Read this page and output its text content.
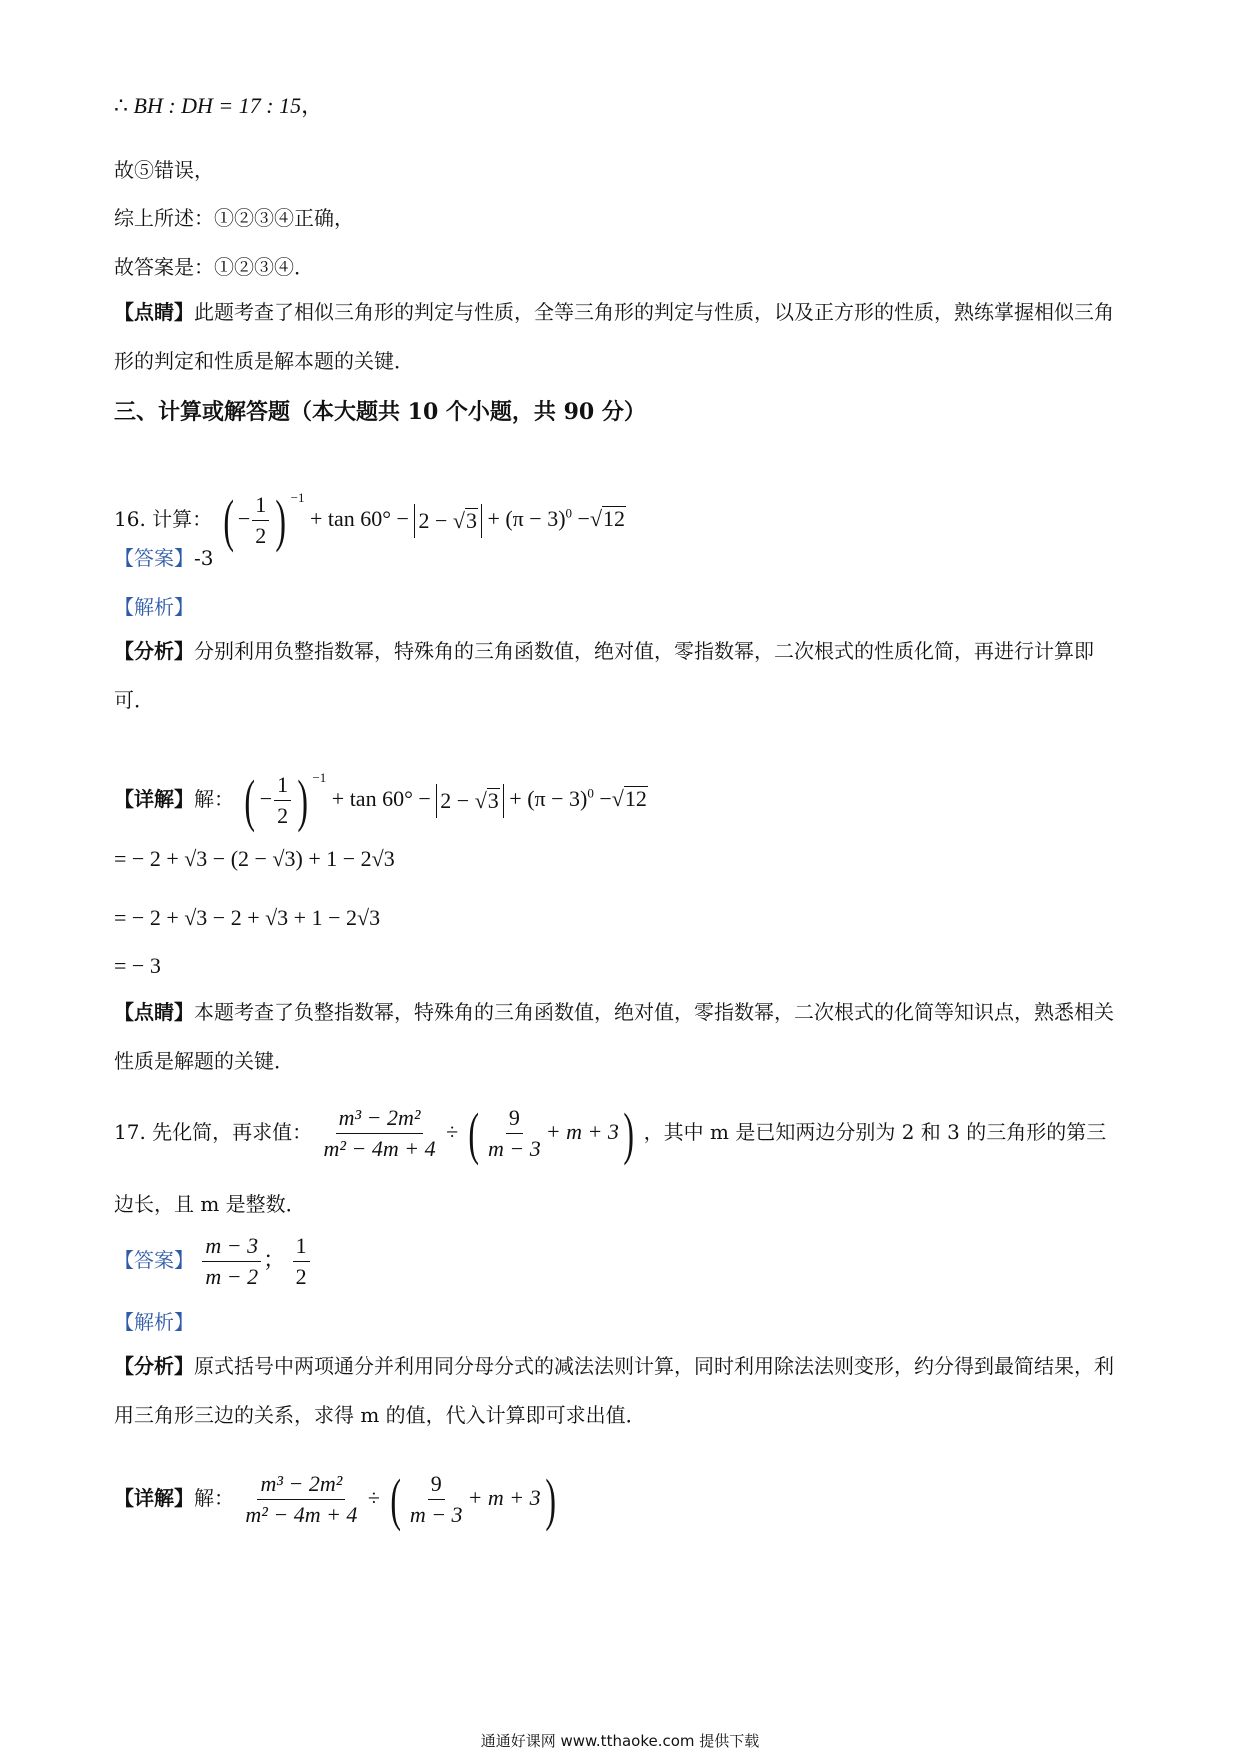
∴ BH : DH = 17 : 15，
故⑤错误，
综上所述：①②③④正确，
故答案是：①②③④．
【点睛】此题考查了相似三角形的判定与性质，全等三角形的判定与性质，以及正方形的性质，熟练掌握相似三角形的判定和性质是解本题的关键．
三、计算或解答题（本大题共 10 个小题，共 90 分）
16. 计算： ( − $\frac{1}{2}$ ) $^{-1} + \tan 60^\circ - 2 - √3 + (\pi - 3)^0 -√12$
【答案】-3
【解析】
【分析】分别利用负整指数幂，特殊角的三角函数值，绝对值，零指数幂，二次根式的性质化简，再进行计算即可．
【详解】解： ( − $\frac{1}{2}$ ) $^{-1} + \tan 60^\circ - 2 - √3 + (\pi - 3)^0 -√12$
= − 2 + √3 − (2 − √3) + 1 − 2√3
= − 2 + √3 − 2 + √3 + 1 − 2√3
= − 3
【点睛】本题考查了负整指数幂，特殊角的三角函数值，绝对值，零指数幂，二次根式的化简等知识点，熟悉相关性质是解题的关键．
17. 先化简，再求值： $\frac{\text{m³ − 2m²}}{\text{m² − 4m + 4}}$ ÷ ( $\frac{9}{m - 3} + m + 3$) ，其中 m 是已知两边分别为 2 和 3 的三角形的第三边长，且 m 是整数．
【答案】 $\frac{m - 3}{m - 2}$ ； $\frac{1}{2}$
【解析】
【分析】原式括号中两项通分并利用同分母分式的减法法则计算，同时利用除法法则变形，约分得到最简结果，利用三角形三边的关系，求得 m 的值，代入计算即可求出值．
【详解】解： $\frac{\text{m³ − 2m²}}{\text{m² − 4m + 4}}$ ÷ ( $\frac{9}{m - 3} + m + 3$)
通通好课网 www.tthaoke.com 提供下载
